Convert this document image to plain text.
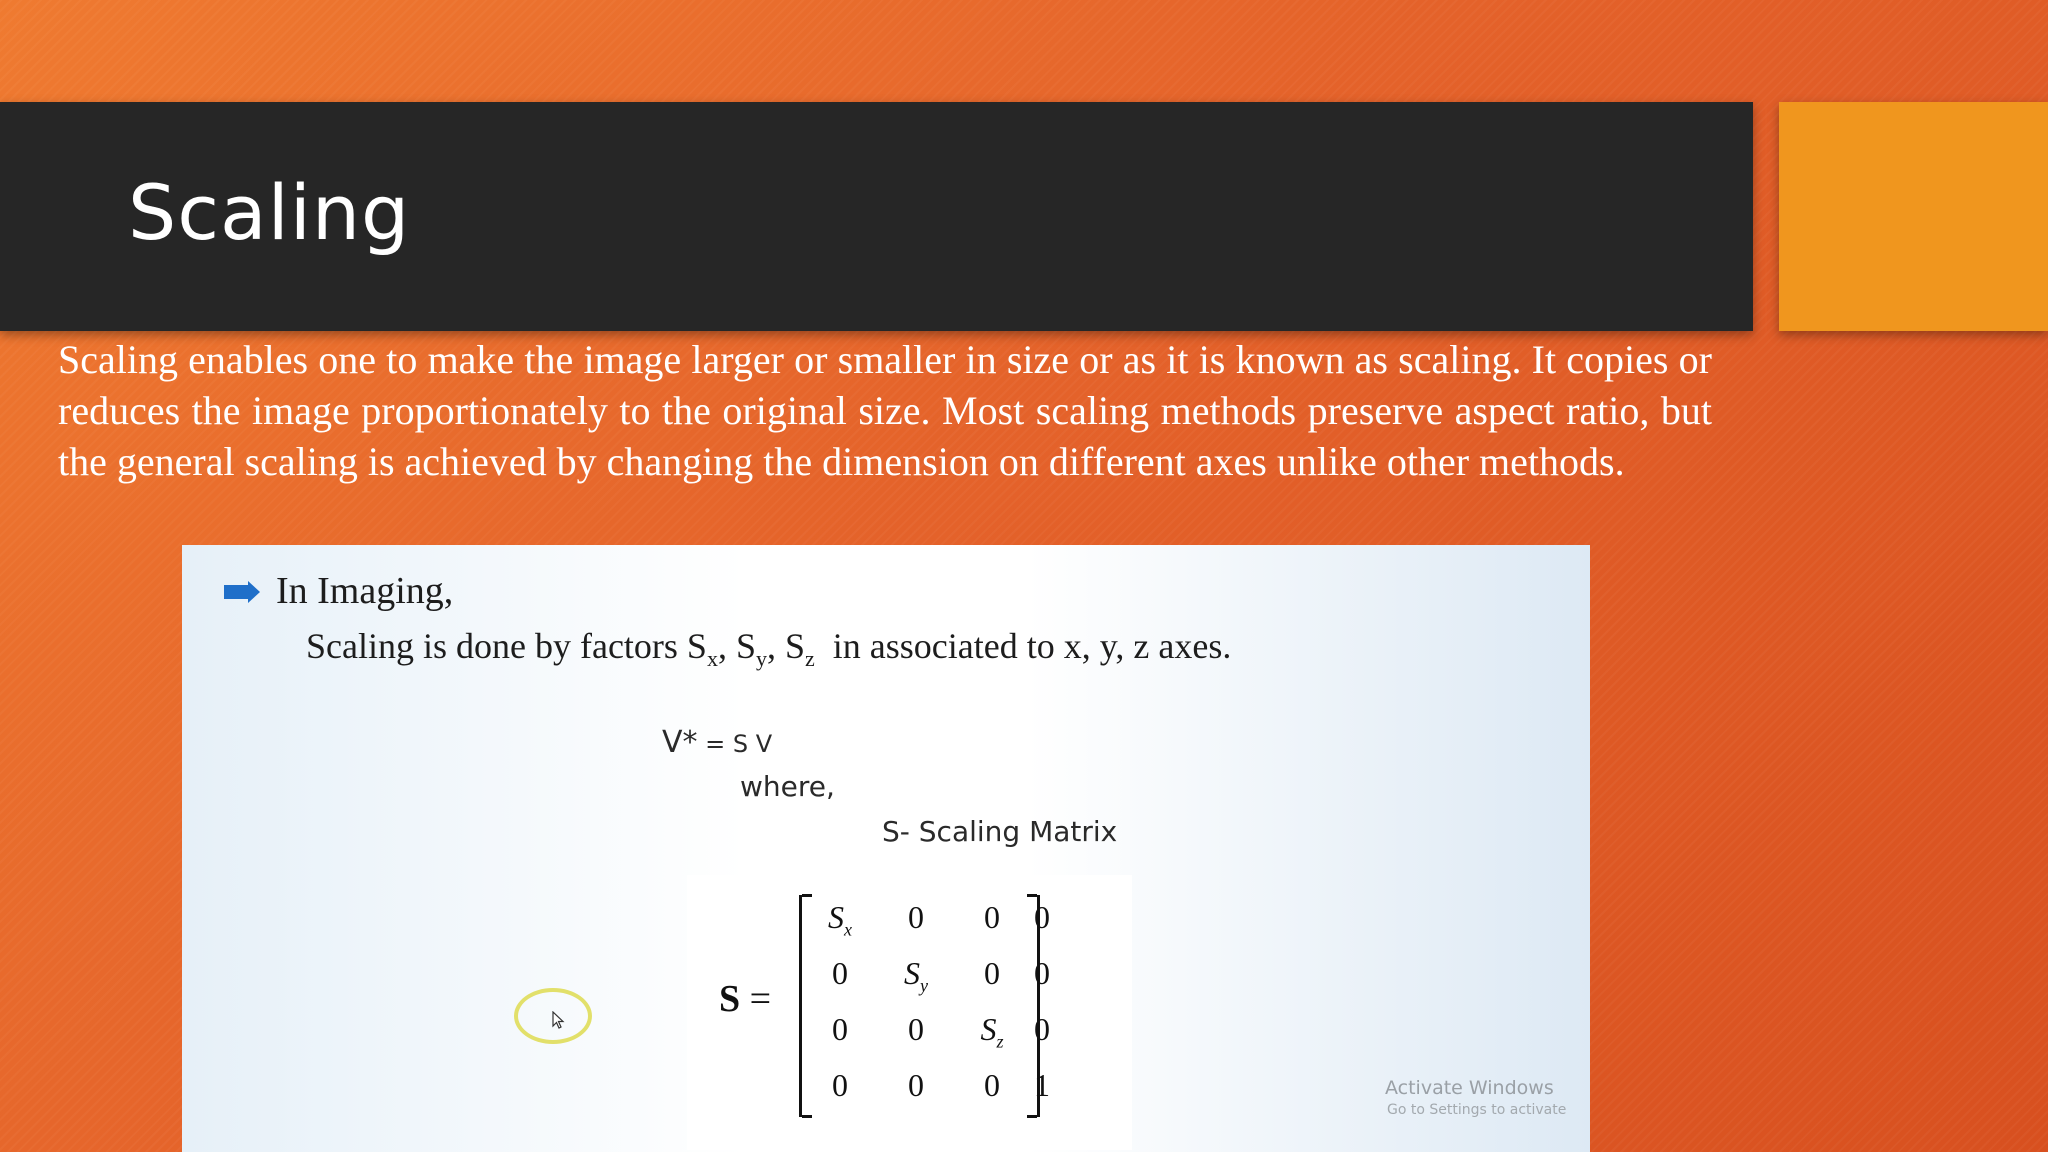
Scaling
Scaling enables one to make the image larger or smaller in size or as it is known as scaling. It copies or reduces the image proportionately to the original size. Most scaling methods preserve aspect ratio, but the general scaling is achieved by changing the dimension on different axes unlike other methods.
In Imaging,
Scaling is done by factors $S_x$, $S_y$, $S_z$  in associated to x, y, z axes.
V* = S V
where,
S- Scaling Matrix
S =
$S_x$	0	0	0
0	$S_y$	0	0
0	0	$S_z$ 0
0	0	0	1	Activate Windows
Go to Settings to activate
